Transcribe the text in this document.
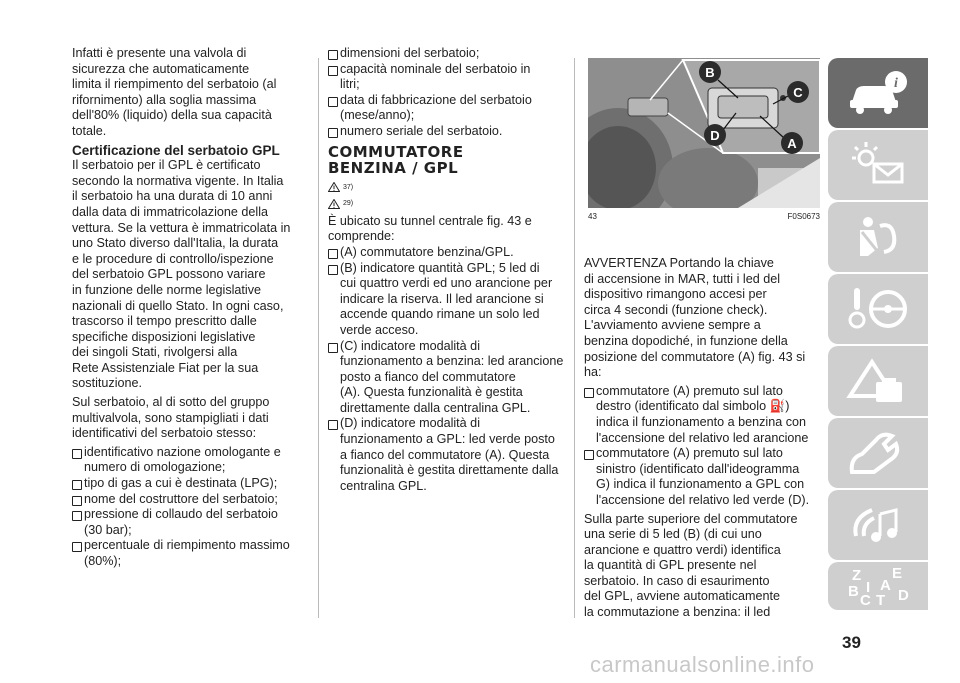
Infatti è presente una valvola di
sicurezza che automaticamente
limita il riempimento del serbatoio (al
rifornimento) alla soglia massima
dell'80% (liquido) della sua capacità
totale.

Certificazione del serbatoio GPL

Il serbatoio per il GPL è certificato
secondo la normativa vigente. In Italia
il serbatoio ha una durata di 10 anni
dalla data di immatricolazione della
vettura. Se la vettura è immatricolata in
uno Stato diverso dall'Italia, la durata
e le procedure di controllo/ispezione
del serbatoio GPL possono variare
in funzione delle norme legislative
nazionali di quello Stato. In ogni caso,
trascorso il tempo prescritto dalle
specifiche disposizioni legislative
dei singoli Stati, rivolgersi alla
Rete Assistenziale Fiat per la sua
sostituzione.

Sul serbatoio, al di sotto del gruppo
multivalvola, sono stampigliati i dati
identificativi del serbatoio stesso:

identificativo nazione omologante e
numero di omologazione;
tipo di gas a cui è destinata (LPG);
nome del costruttore del serbatoio;
pressione di collaudo del serbatoio
(30 bar);
percentuale di riempimento massimo
(80%);
dimensioni del serbatoio;
capacità nominale del serbatoio in
litri;
data di fabbricazione del serbatoio
(mese/anno);
numero seriale del serbatoio.

COMMUTATORE
BENZINA / GPL

37)
29)

È ubicato su tunnel centrale fig. 43 e
comprende:

(A) commutatore benzina/GPL.
(B) indicatore quantità GPL; 5 led di
cui quattro verdi ed uno arancione per
indicare la riserva. Il led arancione si
accende quando rimane un solo led
verde acceso.
(C) indicatore modalità di
funzionamento a benzina: led arancione
posto a fianco del commutatore
(A). Questa funzionalità è gestita
direttamente dalla centralina GPL.
(D) indicatore modalità di
funzionamento a GPL: led verde posto
a fianco del commutatore (A). Questa
funzionalità è gestita direttamente dalla
centralina GPL.
B
C
D
A
43	F0S0673

AVVERTENZA Portando la chiave
di accensione in MAR, tutti i led del
dispositivo rimangono accesi per
circa 4 secondi (funzione check).
L'avviamento avviene sempre a
benzina dopodiché, in funzione della
posizione del commutatore (A) fig. 43 si
ha:

commutatore (A) premuto sul lato
destro (identificato dal simbolo ⛽)
indica il funzionamento a benzina con
l'accensione del relativo led arancione
commutatore (A) premuto sul lato
sinistro (identificato dall'ideogramma
G) indica il funzionamento a GPL con
l'accensione del relativo led verde (D).

Sulla parte superiore del commutatore
una serie di 5 led (B) (di cui uno
arancione e quattro verdi) identifica
la quantità di GPL presente nel
serbatoio. In caso di esaurimento
del GPL, avviene automaticamente
la commutazione a benzina: il led

i
Z E
A
B
C T D
I
39
carmanualsonline.info
